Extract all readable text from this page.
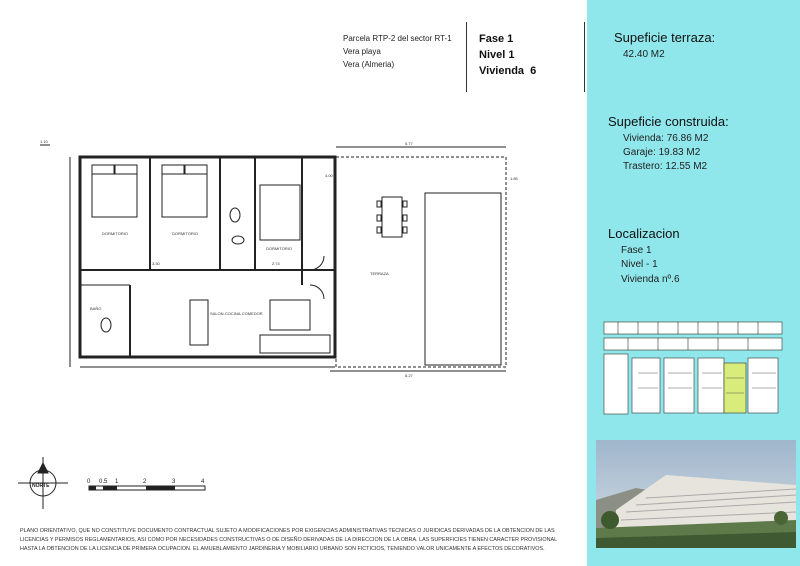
Parcela RTP-2 del sector RT-1
Vera playa
Vera (Almeria)
Fase 1
Nivel 1
Vivienda  6
Supeficie terraza:
42.40 M2
Supeficie construida:
Vivienda: 76.86 M2
Garaje: 19.83 M2
Trastero: 12.55 M2
Localizacion
Fase 1
Nivel - 1
Vivienda nº.6
DORMITORIO	DORMITORIO
DORMITORIO
SALON-COCINA-COMEDOR
TERRAZA
BAÑO
1.10
4.00
3.30	2.74
5.77
8.27
1.85
NORTE
0 0.5 1	2	3	4
PLANO ORIENTATIVO, QUE NO CONSTITUYE DOCUMENTO CONTRACTUAL SUJETO A MODIFICACIONES POR EXIGENCIAS ADMINISTRATIVAS TECNICAS O JURIDICAS DERIVADAS DE LA OBTENCION DE LAS LICENCIAS Y PERMISOS REGLAMENTARIOS, ASI COMO POR NECESIDADES CONSTRUCTIVAS O DE DISEÑO DERIVADAS DE LA DIRECCION DE LA OBRA. LAS SUPERFICIES TIENEN CARACTER PROVISIONAL HASTA LA OBTENCION DE LA LICENCIA DE PRIMERA OCUPACION. EL AMUEBLAMIENTO JARDINERIA Y MOBILIARIO URBANO SON FICTICIOS, TENIENDO VALOR UNICAMENTE A EFECTOS DECORATIVOS.
